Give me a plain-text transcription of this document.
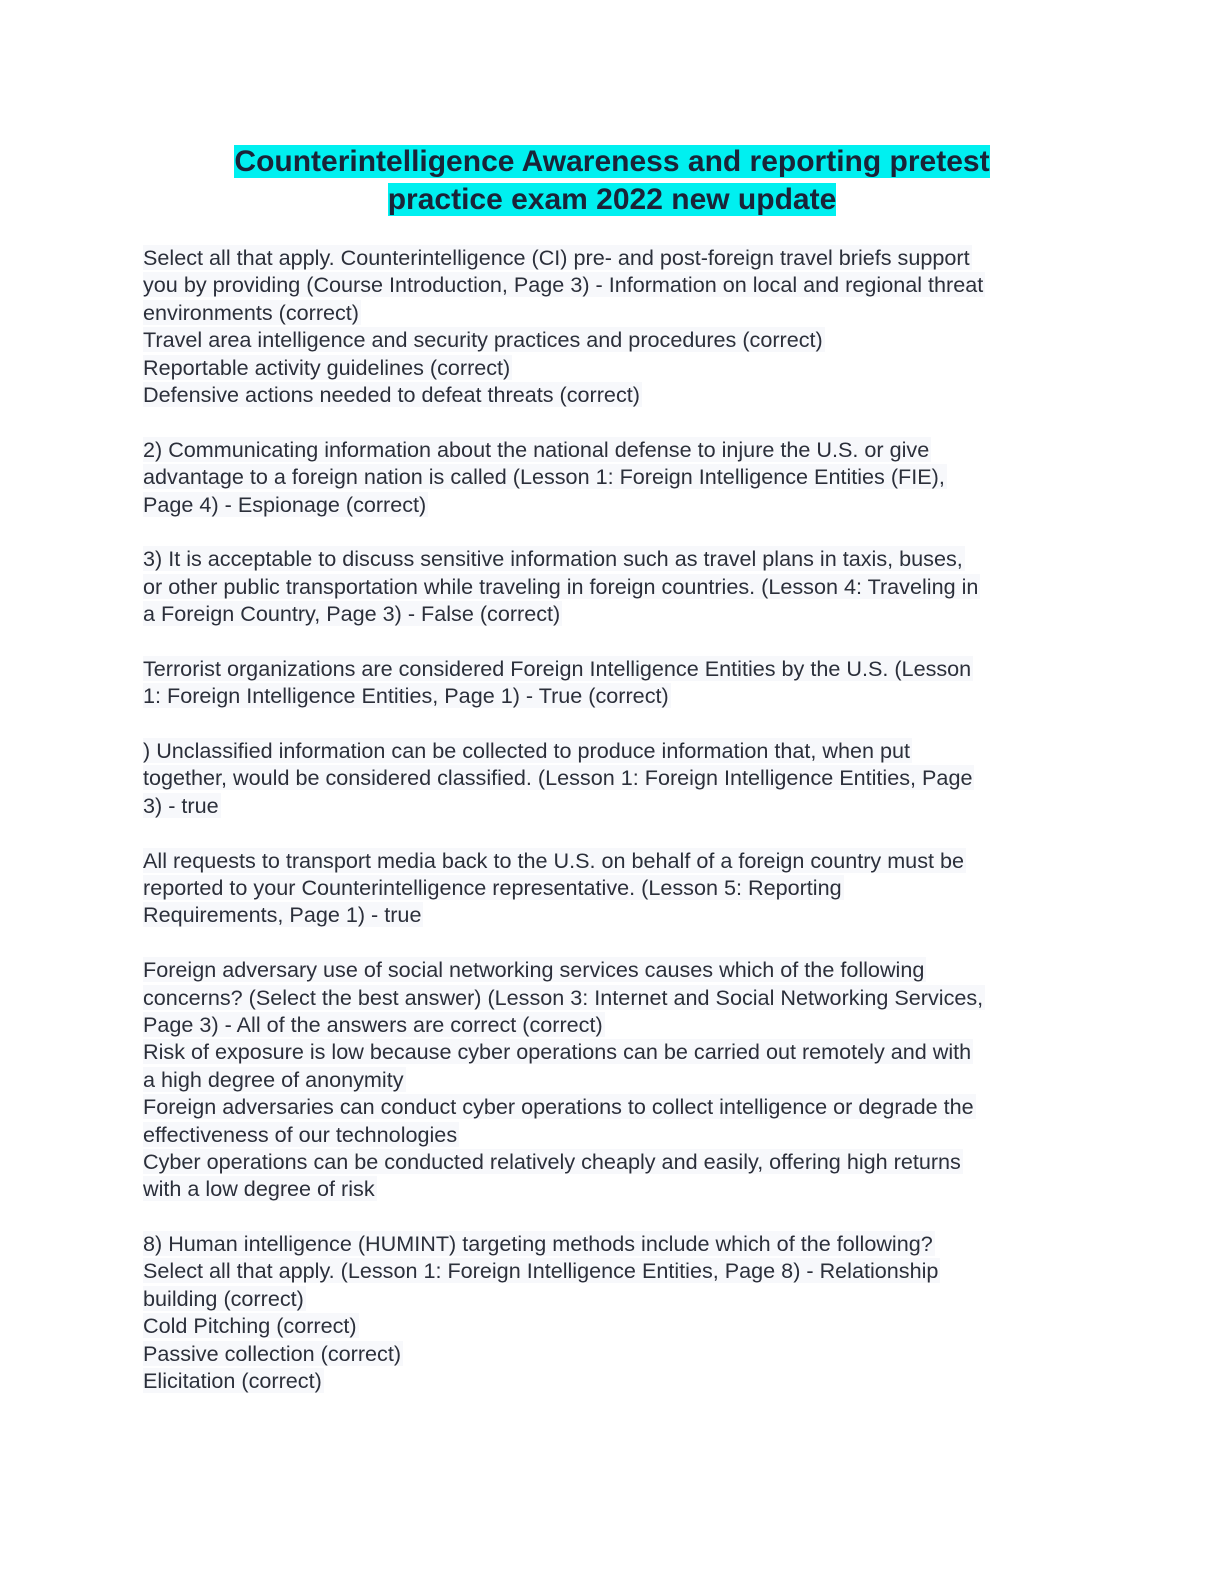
Counterintelligence Awareness and reporting pretest
practice exam 2022 new update
Select all that apply. Counterintelligence (CI) pre- and post-foreign travel briefs support
you by providing (Course Introduction, Page 3) - Information on local and regional threat
environments (correct)
Travel area intelligence and security practices and procedures (correct)
Reportable activity guidelines (correct)
Defensive actions needed to defeat threats (correct)
2) Communicating information about the national defense to injure the U.S. or give
advantage to a foreign nation is called (Lesson 1: Foreign Intelligence Entities (FIE),
Page 4) - Espionage (correct)
3) It is acceptable to discuss sensitive information such as travel plans in taxis, buses,
or other public transportation while traveling in foreign countries. (Lesson 4: Traveling in
a Foreign Country, Page 3) - False (correct)
Terrorist organizations are considered Foreign Intelligence Entities by the U.S. (Lesson
1: Foreign Intelligence Entities, Page 1) - True (correct)
) Unclassified information can be collected to produce information that, when put
together, would be considered classified. (Lesson 1: Foreign Intelligence Entities, Page
3) - true
All requests to transport media back to the U.S. on behalf of a foreign country must be
reported to your Counterintelligence representative. (Lesson 5: Reporting
Requirements, Page 1) - true
Foreign adversary use of social networking services causes which of the following
concerns? (Select the best answer) (Lesson 3: Internet and Social Networking Services,
Page 3) - All of the answers are correct (correct)
Risk of exposure is low because cyber operations can be carried out remotely and with
a high degree of anonymity
Foreign adversaries can conduct cyber operations to collect intelligence or degrade the
effectiveness of our technologies
Cyber operations can be conducted relatively cheaply and easily, offering high returns
with a low degree of risk
8) Human intelligence (HUMINT) targeting methods include which of the following?
Select all that apply. (Lesson 1: Foreign Intelligence Entities, Page 8) - Relationship
building (correct)
Cold Pitching (correct)
Passive collection (correct)
Elicitation (correct)
